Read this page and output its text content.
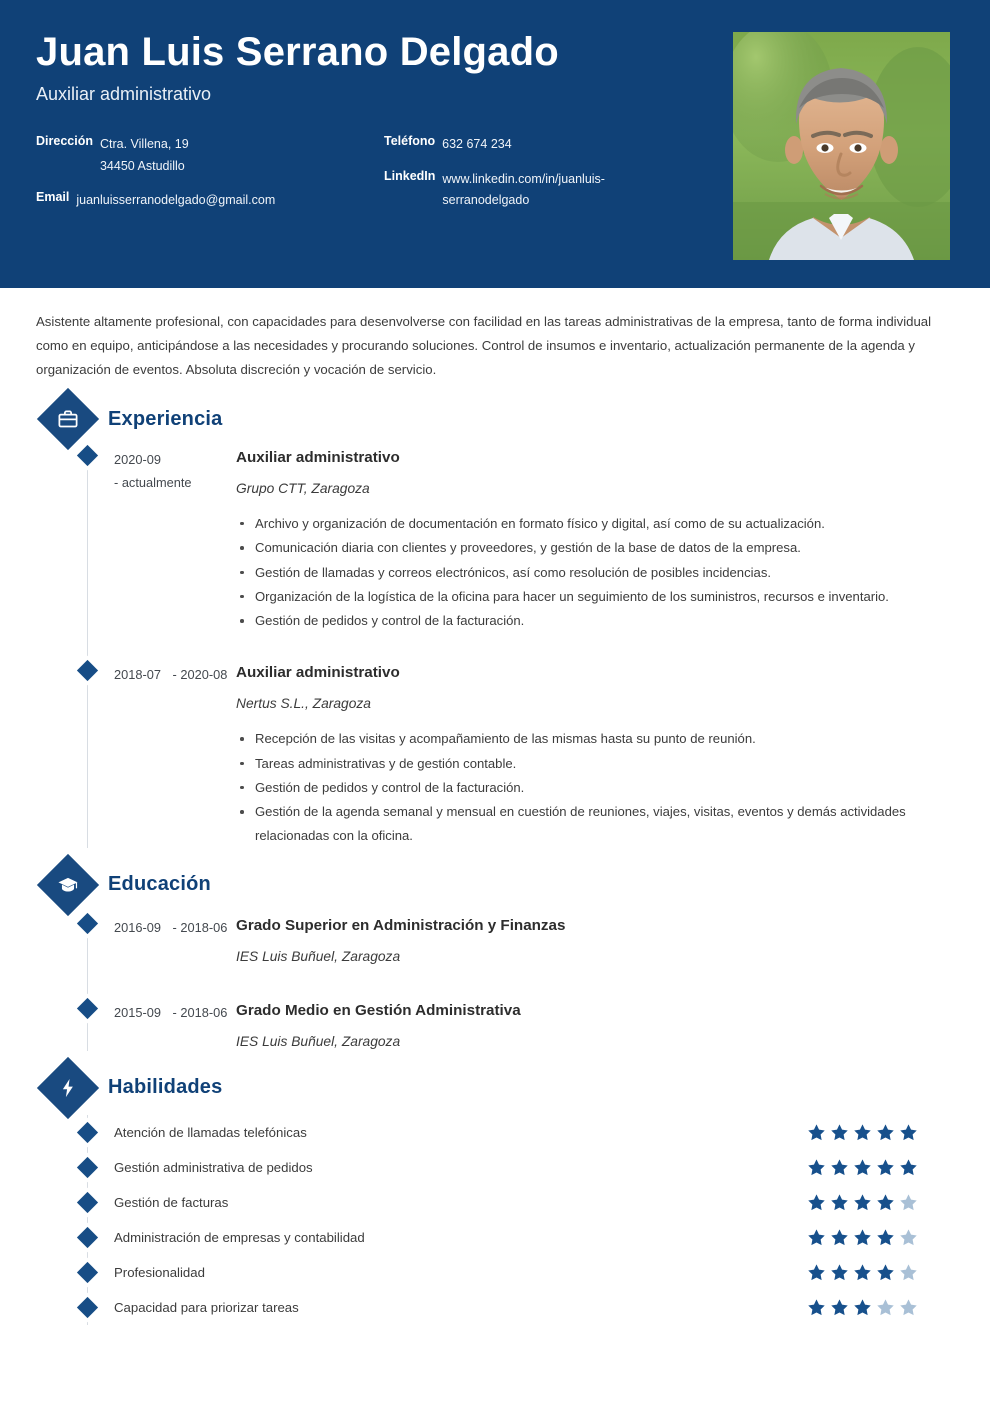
Juan Luis Serrano Delgado
Auxiliar administrativo
Dirección Ctra. Villena, 19
34450 Astudillo
Email juanluisserranodelgado@gmail.com
Teléfono 632 674 234
LinkedIn www.linkedin.com/in/juanluis-
serranodelgado
Asistente altamente profesional, con capacidades para desenvolverse con facilidad en las tareas administrativas de la empresa, tanto de forma individual como en equipo, anticipándose a las necesidades y procurando soluciones. Control de insumos e inventario, actualización permanente de la agenda y organización de eventos. Absoluta discreción y vocación de servicio.
Experiencia
2020-09
- actualmente
Auxiliar administrativo
Grupo CTT, Zaragoza
Archivo y organización de documentación en formato físico y digital, así como de su actualización.
Comunicación diaria con clientes y proveedores, y gestión de la base de datos de la empresa.
Gestión de llamadas y correos electrónicos, así como resolución de posibles incidencias.
Organización de la logística de la oficina para hacer un seguimiento de los suministros, recursos e inventario.
Gestión de pedidos y control de la facturación.
2018-07 - 2020-08 Auxiliar administrativo
Nertus S.L., Zaragoza
Recepción de las visitas y acompañamiento de las mismas hasta su punto de reunión.
Tareas administrativas y de gestión contable.
Gestión de pedidos y control de la facturación.
Gestión de la agenda semanal y mensual en cuestión de reuniones, viajes, visitas, eventos y demás actividades relacionadas con la oficina.
Educación
2016-09 - 2018-06 Grado Superior en Administración y Finanzas
IES Luis Buñuel, Zaragoza
2015-09 - 2018-06 Grado Medio en Gestión Administrativa
IES Luis Buñuel, Zaragoza
Habilidades
Atención de llamadas telefónicas
Gestión administrativa de pedidos
Gestión de facturas
Administración de empresas y contabilidad
Profesionalidad
Capacidad para priorizar tareas
